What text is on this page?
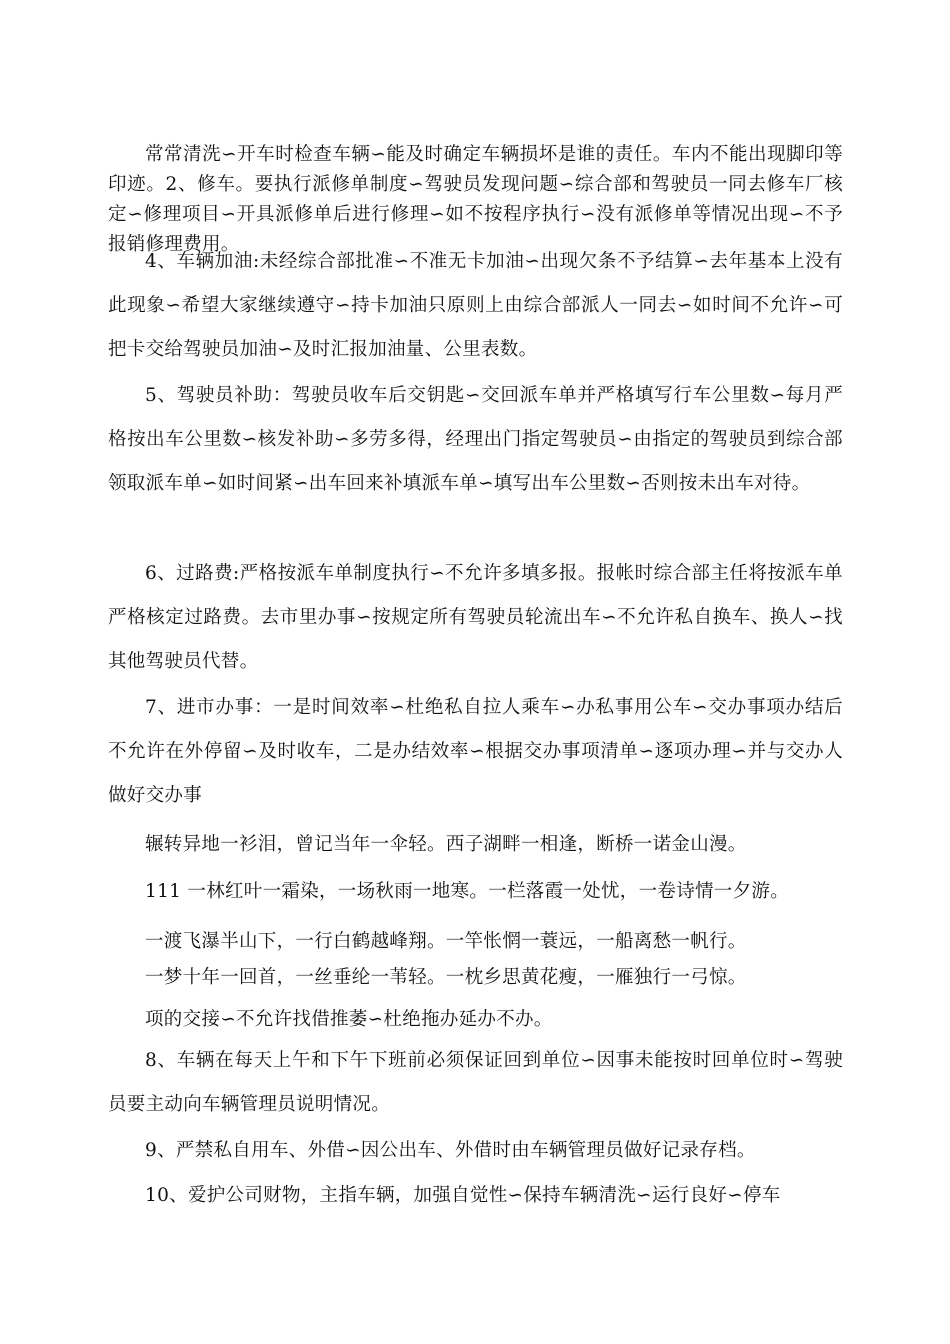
常常清洗∽开车时检查车辆∽能及时确定车辆损坏是谁的责任。车内不能出现脚印等印迹。2、修车。要执行派修单制度∽驾驶员发现问题∽综合部和驾驶员一同去修车厂核定∽修理项目∽开具派修单后进行修理∽如不按程序执行∽没有派修单等情况出现∽不予报销修理费用。

4、车辆加油:未经综合部批准∽不准无卡加油∽出现欠条不予结算∽去年基本上没有此现象∽希望大家继续遵守∽持卡加油只原则上由综合部派人一同去∽如时间不允许∽可把卡交给驾驶员加油∽及时汇报加油量、公里表数。

5、驾驶员补助：驾驶员收车后交钥匙∽交回派车单并严格填写行车公里数∽每月严格按出车公里数∽核发补助∽多劳多得，经理出门指定驾驶员∽由指定的驾驶员到综合部领取派车单∽如时间紧∽出车回来补填派车单∽填写出车公里数∽否则按未出车对待。

6、过路费:严格按派车单制度执行∽不允许多填多报。报帐时综合部主任将按派车单严格核定过路费。去市里办事∽按规定所有驾驶员轮流出车∽不允许私自换车、换人∽找其他驾驶员代替。

7、进市办事：一是时间效率∽杜绝私自拉人乘车∽办私事用公车∽交办事项办结后不允许在外停留∽及时收车，二是办结效率∽根据交办事项清单∽逐项办理∽并与交办人做好交办事

辗转异地一衫泪，曾记当年一伞轻。西子湖畔一相逢，断桥一诺金山漫。

111 一林红叶一霜染，一场秋雨一地寒。一栏落霞一处忧，一卷诗情一夕游。

一渡飞瀑半山下，一行白鹤越峰翔。一竿怅惘一蓑远，一船离愁一帆行。

一梦十年一回首，一丝垂纶一苇轻。一枕乡思黄花瘦，一雁独行一弓惊。

项的交接∽不允许找借推萎∽杜绝拖办延办不办。

8、车辆在每天上午和下午下班前必须保证回到单位∽因事未能按时回单位时∽驾驶员要主动向车辆管理员说明情况。

9、严禁私自用车、外借∽因公出车、外借时由车辆管理员做好记录存档。

10、爱护公司财物，主指车辆，加强自觉性∽保持车辆清洗∽运行良好∽停车
